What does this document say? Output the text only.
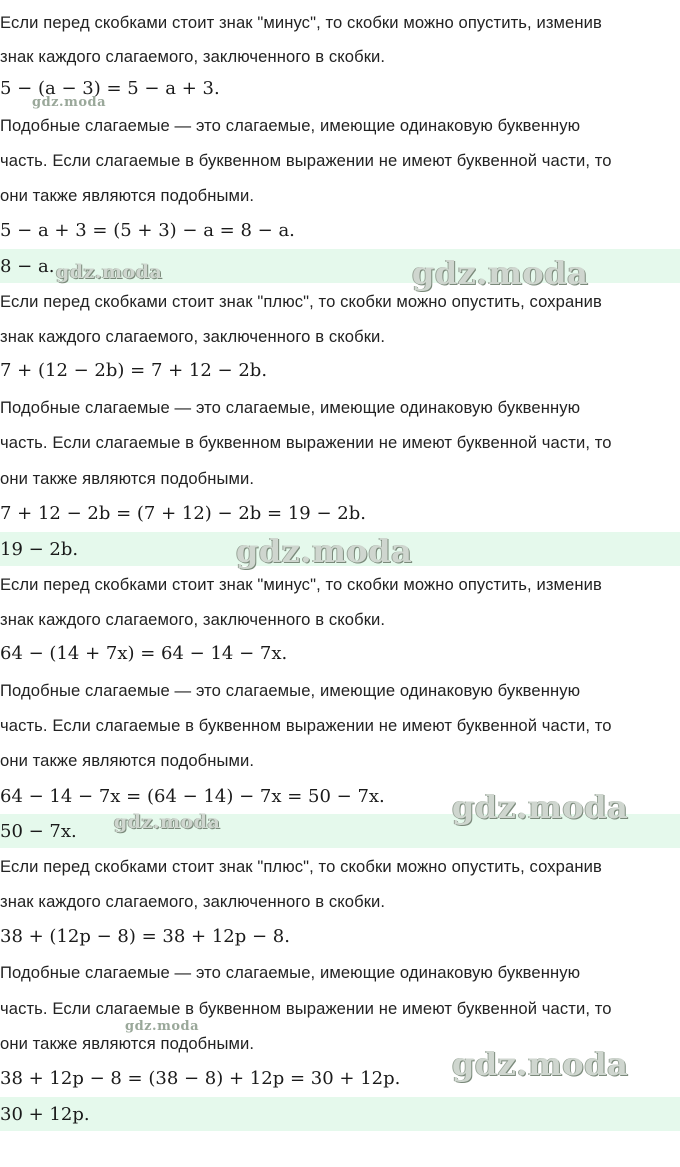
Если перед скобками стоит знак "минус", то скобки можно опустить, изменив
знак каждого слагаемого, заключенного в скобки.
5 − (a − 3) = 5 − a + 3.
Подобные слагаемые — это слагаемые, имеющие одинаковую буквенную
часть. Если слагаемые в буквенном выражении не имеют буквенной части, то
они также являются подобными.
5 − a + 3 = (5 + 3) − a = 8 − a.
8 − a.
Если перед скобками стоит знак "плюс", то скобки можно опустить, сохранив
знак каждого слагаемого, заключенного в скобки.
7 + (12 − 2b) = 7 + 12 − 2b.
Подобные слагаемые — это слагаемые, имеющие одинаковую буквенную
часть. Если слагаемые в буквенном выражении не имеют буквенной части, то
они также являются подобными.
7 + 12 − 2b = (7 + 12) − 2b = 19 − 2b.
19 − 2b.
Если перед скобками стоит знак "минус", то скобки можно опустить, изменив
знак каждого слагаемого, заключенного в скобки.
64 − (14 + 7x) = 64 − 14 − 7x.
Подобные слагаемые — это слагаемые, имеющие одинаковую буквенную
часть. Если слагаемые в буквенном выражении не имеют буквенной части, то
они также являются подобными.
64 − 14 − 7x = (64 − 14) − 7x = 50 − 7x.
50 − 7x.
Если перед скобками стоит знак "плюс", то скобки можно опустить, сохранив
знак каждого слагаемого, заключенного в скобки.
38 + (12p − 8) = 38 + 12p − 8.
Подобные слагаемые — это слагаемые, имеющие одинаковую буквенную
часть. Если слагаемые в буквенном выражении не имеют буквенной части, то
они также являются подобными.
38 + 12p − 8 = (38 − 8) + 12p = 30 + 12p.
30 + 12p.
gdz.moda
gdz.moda	gdz.moda
gdz.moda
gdz.moda
gdz.moda
gdz.moda
gdz.moda
